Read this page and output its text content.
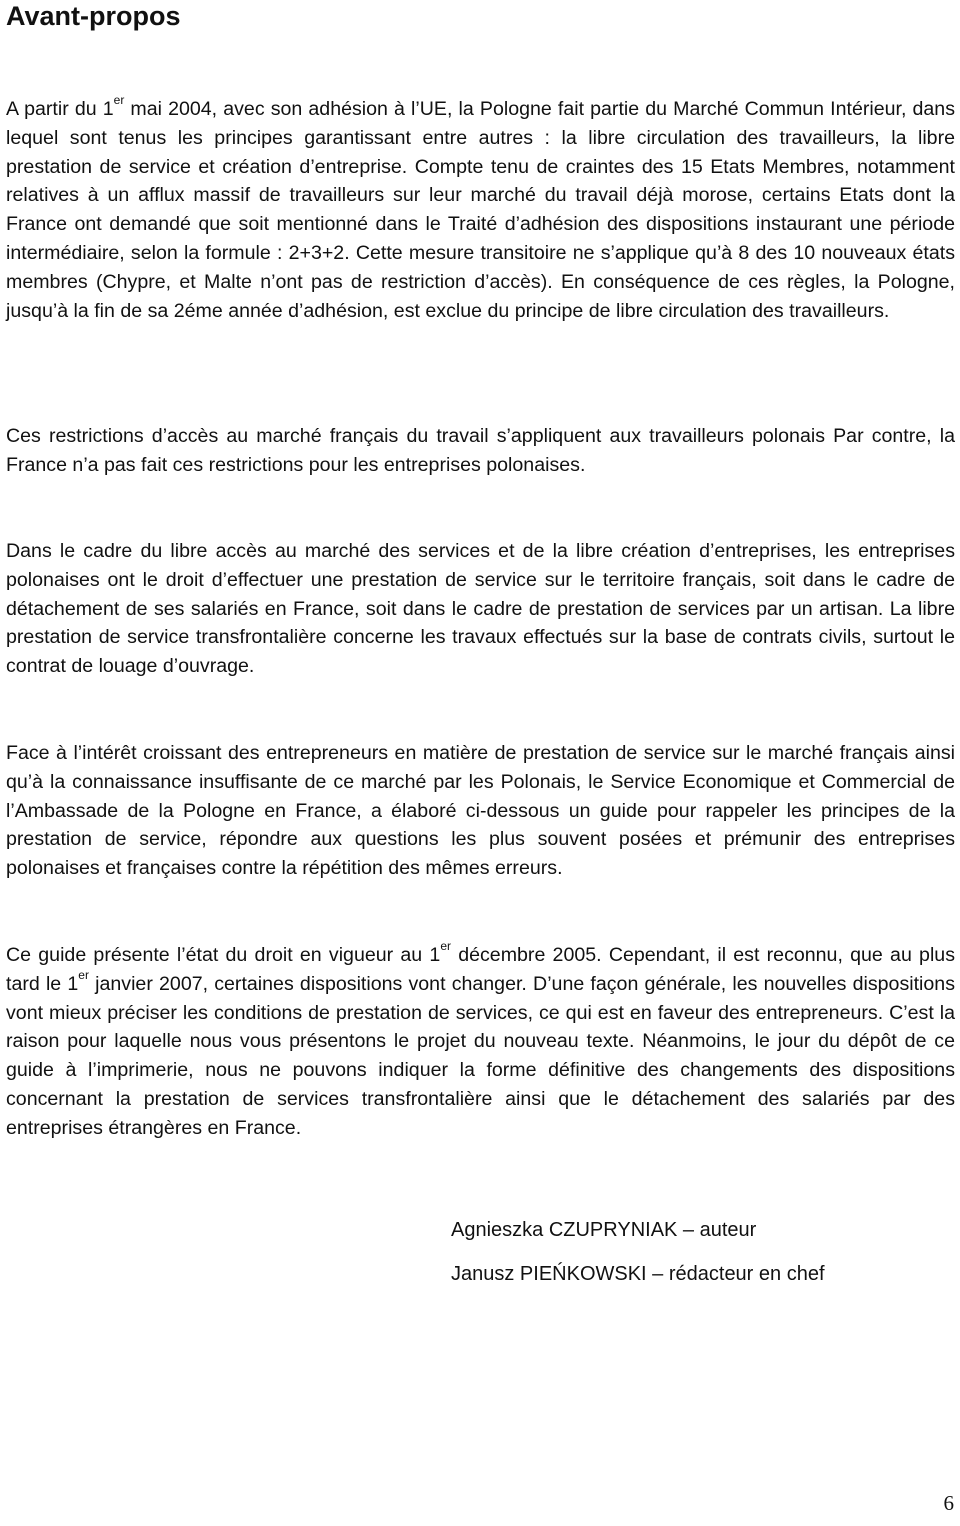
Avant-propos

A partir du 1er mai 2004, avec son adhésion à l’UE, la Pologne fait partie du Marché Commun Intérieur, dans lequel sont tenus les principes garantissant entre autres : la libre circulation des travailleurs, la libre prestation de service et création d’entreprise. Compte tenu de craintes des 15 Etats Membres, notamment relatives à un afflux massif de travailleurs sur leur marché du travail déjà morose, certains Etats dont la France ont demandé que soit mentionné dans le Traité d’adhésion des dispositions instaurant une période intermédiaire, selon la formule : 2+3+2. Cette mesure transitoire ne s’applique qu’à 8 des 10 nouveaux états membres (Chypre, et Malte n’ont pas de restriction d’accès). En conséquence de ces règles, la Pologne, jusqu’à la fin de sa 2éme année d’adhésion, est exclue du principe de libre circulation des travailleurs.

Ces restrictions d’accès au marché français du travail s’appliquent aux travailleurs polonais Par contre, la France n’a pas fait ces restrictions pour les entreprises polonaises.

Dans le cadre du libre accès au marché des services et de la libre création d’entreprises, les entreprises polonaises ont le droit d’effectuer une prestation de service sur le territoire français, soit dans le cadre de détachement de ses salariés en France, soit dans le cadre de prestation de services par un artisan. La libre prestation de service transfrontalière concerne les travaux effectués sur la base de contrats civils, surtout le contrat de louage d’ouvrage.

Face à l’intérêt croissant des entrepreneurs en matière de prestation de service sur le marché français ainsi qu’à la connaissance insuffisante de ce marché par les Polonais, le Service Economique et Commercial de l’Ambassade de la Pologne en France, a élaboré ci-dessous un guide pour rappeler les principes de la prestation de service, répondre aux questions les plus souvent posées et prémunir des entreprises polonaises et françaises contre la répétition des mêmes erreurs.

Ce guide présente l’état du droit en vigueur au 1er décembre 2005. Cependant, il est reconnu, que au plus tard le 1er janvier 2007, certaines dispositions vont changer. D’une façon générale, les nouvelles dispositions vont mieux préciser les conditions de prestation de services, ce qui est en faveur des entrepreneurs. C’est la raison pour laquelle nous vous présentons le projet du nouveau texte. Néanmoins, le jour du dépôt de ce guide à l’imprimerie, nous ne pouvons indiquer la forme définitive des changements des dispositions concernant la prestation de services transfrontalière ainsi que le détachement des salariés par des entreprises étrangères en France.

Agnieszka CZUPRYNIAK – auteur

Janusz PIEŃKOWSKI – rédacteur en chef

6
